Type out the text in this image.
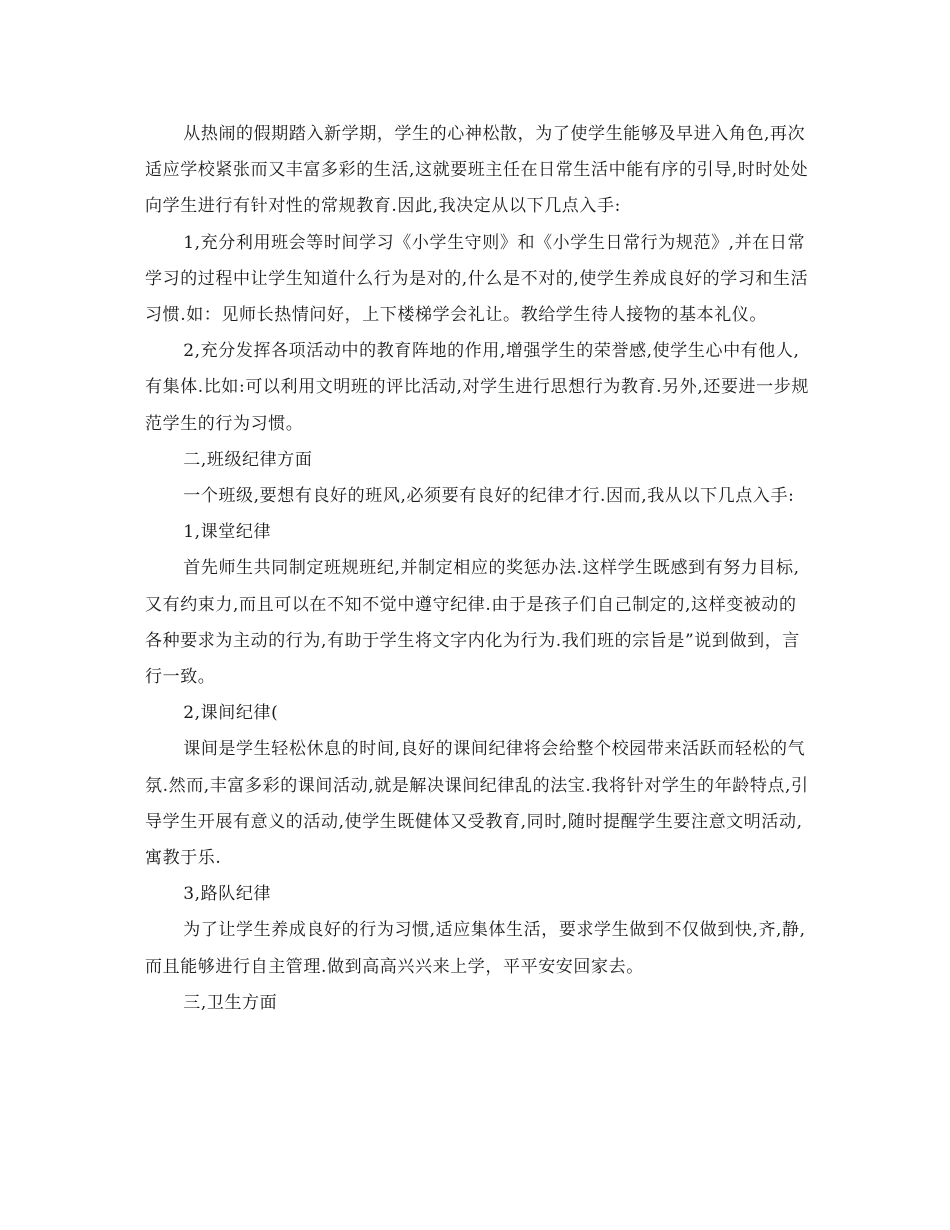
从热闹的假期踏入新学期，学生的心神松散，为了使学生能够及早进入角色,再次适应学校紧张而又丰富多彩的生活,这就要班主任在日常生活中能有序的引导,时时处处向学生进行有针对性的常规教育.因此,我决定从以下几点入手:

1,充分利用班会等时间学习《小学生守则》和《小学生日常行为规范》,并在日常学习的过程中让学生知道什么行为是对的,什么是不对的,使学生养成良好的学习和生活习惯.如：见师长热情问好，上下楼梯学会礼让。教给学生待人接物的基本礼仪。

2,充分发挥各项活动中的教育阵地的作用,增强学生的荣誉感,使学生心中有他人,有集体.比如:可以利用文明班的评比活动,对学生进行思想行为教育.另外,还要进一步规范学生的行为习惯。

二,班级纪律方面

一个班级,要想有良好的班风,必须要有良好的纪律才行.因而,我从以下几点入手:

1,课堂纪律

首先师生共同制定班规班纪,并制定相应的奖惩办法.这样学生既感到有努力目标,又有约束力,而且可以在不知不觉中遵守纪律.由于是孩子们自己制定的,这样变被动的各种要求为主动的行为,有助于学生将文字内化为行为.我们班的宗旨是”说到做到，言行一致。

2,课间纪律(

课间是学生轻松休息的时间,良好的课间纪律将会给整个校园带来活跃而轻松的气氛.然而,丰富多彩的课间活动,就是解决课间纪律乱的法宝.我将针对学生的年龄特点,引导学生开展有意义的活动,使学生既健体又受教育,同时,随时提醒学生要注意文明活动,寓教于乐.

3,路队纪律

为了让学生养成良好的行为习惯,适应集体生活，要求学生做到不仅做到快,齐,静,而且能够进行自主管理.做到高高兴兴来上学，平平安安回家去。

三,卫生方面
